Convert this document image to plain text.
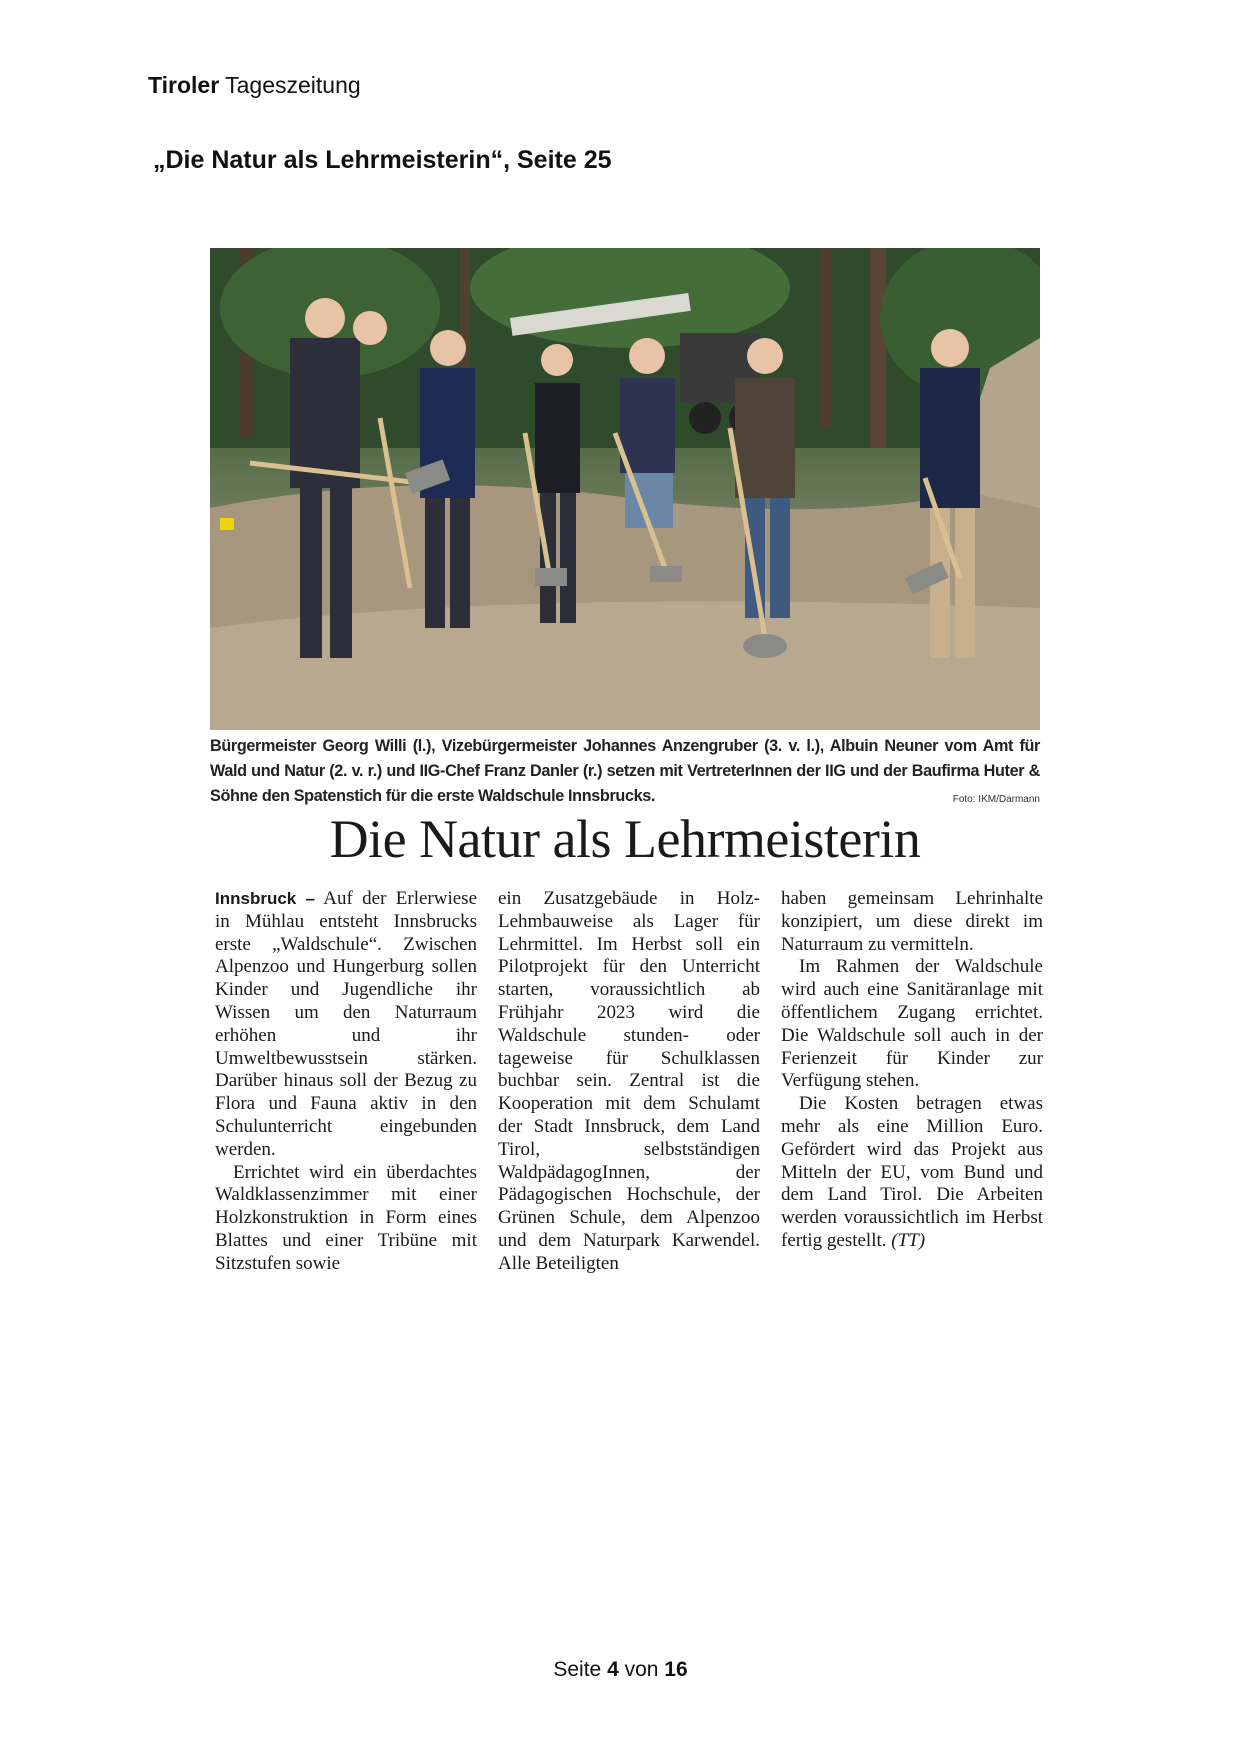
Tiroler Tageszeitung
„Die Natur als Lehrmeisterin“, Seite 25
Bürgermeister Georg Willi (l.), Vizebürgermeister Johannes Anzengruber (3. v. l.), Albuin Neuner vom Amt für Wald und Natur (2. v. r.) und IIG-Chef Franz Danler (r.) setzen mit VertreterInnen der IIG und der Baufirma Huter & Söhne den Spatenstich für die erste Waldschule Innsbrucks.	Foto: IKM/Darmann
Die Natur als Lehrmeisterin

Innsbruck – Auf der Erlerwiese in Mühlau entsteht Innsbrucks erste „Waldschule“. Zwischen Alpenzoo und Hungerburg sollen Kinder und Jugendliche ihr Wissen um den Naturraum erhöhen und ihr Umweltbewusstsein stärken. Darüber hinaus soll der Bezug zu Flora und Fauna aktiv in den Schulunterricht eingebunden werden.

Errichtet wird ein überdachtes Waldklassenzimmer mit einer Holzkonstruktion in Form eines Blattes und einer Tribüne mit Sitzstufen sowie

ein Zusatzgebäude in Holz-Lehmbauweise als Lager für Lehrmittel. Im Herbst soll ein Pilotprojekt für den Unterricht starten, voraussichtlich ab Frühjahr 2023 wird die Waldschule stunden- oder tageweise für Schulklassen buchbar sein. Zentral ist die Kooperation mit dem Schulamt der Stadt Innsbruck, dem Land Tirol, selbstständigen WaldpädagogInnen, der Pädagogischen Hochschule, der Grünen Schule, dem Alpenzoo und dem Naturpark Karwendel. Alle Beteiligten

haben gemeinsam Lehrinhalte konzipiert, um diese direkt im Naturraum zu vermitteln.

Im Rahmen der Waldschule wird auch eine Sanitäranlage mit öffentlichem Zugang errichtet. Die Waldschule soll auch in der Ferienzeit für Kinder zur Verfügung stehen.

Die Kosten betragen etwas mehr als eine Million Euro. Gefördert wird das Projekt aus Mitteln der EU, vom Bund und dem Land Tirol. Die Arbeiten werden voraussichtlich im Herbst fertig gestellt. (TT)

Seite 4 von 16
